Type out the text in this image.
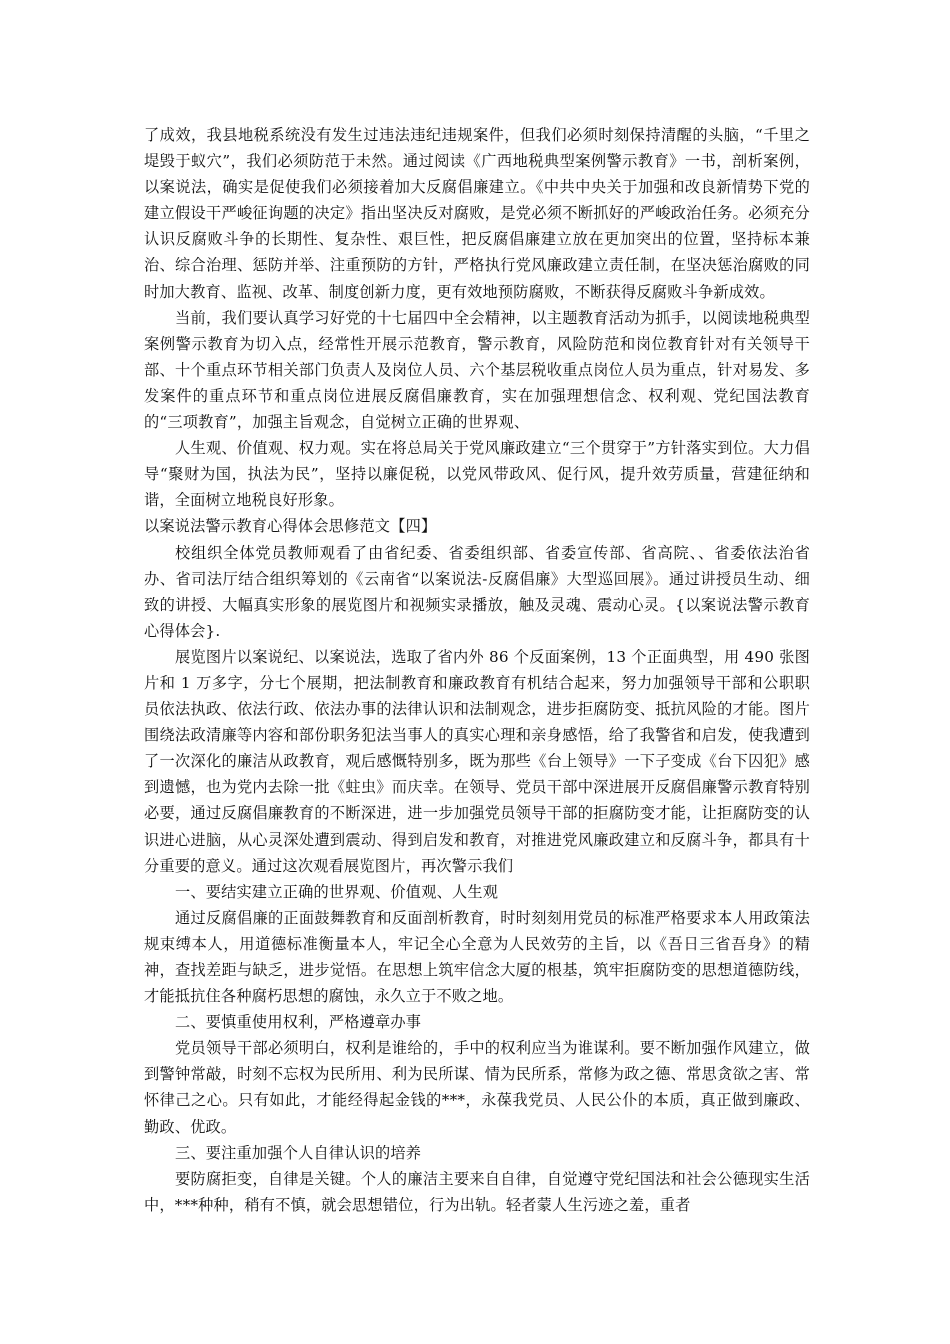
了成效，我县地税系统没有发生过违法违纪违规案件，但我们必须时刻保持清醒的头脑，“千里之堤毁于蚁穴”，我们必须防范于未然。通过阅读《广西地税典型案例警示教育》一书，剖析案例，以案说法，确实是促使我们必须接着加大反腐倡廉建立。《中共中央关于加强和改良新情势下党的建立假设干严峻征询题的决定》指出坚决反对腐败，是党必须不断抓好的严峻政治任务。必须充分认识反腐败斗争的长期性、复杂性、艰巨性，把反腐倡廉建立放在更加突出的位置，坚持标本兼治、综合治理、惩防并举、注重预防的方针，严格执行党风廉政建立责任制，在坚决惩治腐败的同时加大教育、监视、改革、制度创新力度，更有效地预防腐败，不断获得反腐败斗争新成效。

当前，我们要认真学习好党的十七届四中全会精神，以主题教育活动为抓手，以阅读地税典型案例警示教育为切入点，经常性开展示范教育，警示教育，风险防范和岗位教育针对有关领导干部、十个重点环节相关部门负责人及岗位人员、六个基层税收重点岗位人员为重点，针对易发、多发案件的重点环节和重点岗位进展反腐倡廉教育，实在加强理想信念、权利观、党纪国法教育的“三项教育”，加强主旨观念，自觉树立正确的世界观、

人生观、价值观、权力观。实在将总局关于党风廉政建立“三个贯穿于”方针落实到位。大力倡导“聚财为国，执法为民”，坚持以廉促税，以党风带政风、促行风，提升效劳质量，营建征纳和谐，全面树立地税良好形象。

以案说法警示教育心得体会思修范文【四】

校组织全体党员教师观看了由省纪委、省委组织部、省委宣传部、省高院、、省委依法治省办、省司法厅结合组织筹划的《云南省“以案说法-反腐倡廉》大型巡回展》。通过讲授员生动、细致的讲授、大幅真实形象的展览图片和视频实录播放，触及灵魂、震动心灵。{以案说法警示教育心得体会}.

展览图片以案说纪、以案说法，选取了省内外 86 个反面案例，13 个正面典型，用 490 张图片和 1 万多字，分七个展期，把法制教育和廉政教育有机结合起来，努力加强领导干部和公职职员依法执政、依法行政、依法办事的法律认识和法制观念，进步拒腐防变、抵抗风险的才能。图片围绕法政清廉等内容和部份职务犯法当事人的真实心理和亲身感悟，给了我警省和启发，使我遭到了一次深化的廉洁从政教育，观后感慨特别多，既为那些《台上领导》一下子变成《台下囚犯》感到遗憾，也为党内去除一批《蛀虫》而庆幸。在领导、党员干部中深进展开反腐倡廉警示教育特别必要，通过反腐倡廉教育的不断深进，进一步加强党员领导干部的拒腐防变才能，让拒腐防变的认识进心进脑，从心灵深处遭到震动、得到启发和教育，对推进党风廉政建立和反腐斗争，都具有十分重要的意义。通过这次观看展览图片，再次警示我们

一、要结实建立正确的世界观、价值观、人生观

通过反腐倡廉的正面鼓舞教育和反面剖析教育，时时刻刻用党员的标准严格要求本人用政策法规束缚本人，用道德标准衡量本人，牢记全心全意为人民效劳的主旨，以《吾日三省吾身》的精神，查找差距与缺乏，进步觉悟。在思想上筑牢信念大厦的根基，筑牢拒腐防变的思想道德防线，才能抵抗住各种腐朽思想的腐蚀，永久立于不败之地。

二、要慎重使用权利，严格遵章办事

党员领导干部必须明白，权利是谁给的，手中的权利应当为谁谋利。要不断加强作风建立，做到警钟常敲，时刻不忘权为民所用、利为民所谋、情为民所系，常修为政之德、常思贪欲之害、常怀律己之心。只有如此，才能经得起金钱的***，永葆我党员、人民公仆的本质，真正做到廉政、勤政、优政。

三、要注重加强个人自律认识的培养

要防腐拒变，自律是关键。个人的廉洁主要来自自律，自觉遵守党纪国法和社会公德现实生活中，***种种，稍有不慎，就会思想错位，行为出轨。轻者蒙人生污迹之羞，重者
